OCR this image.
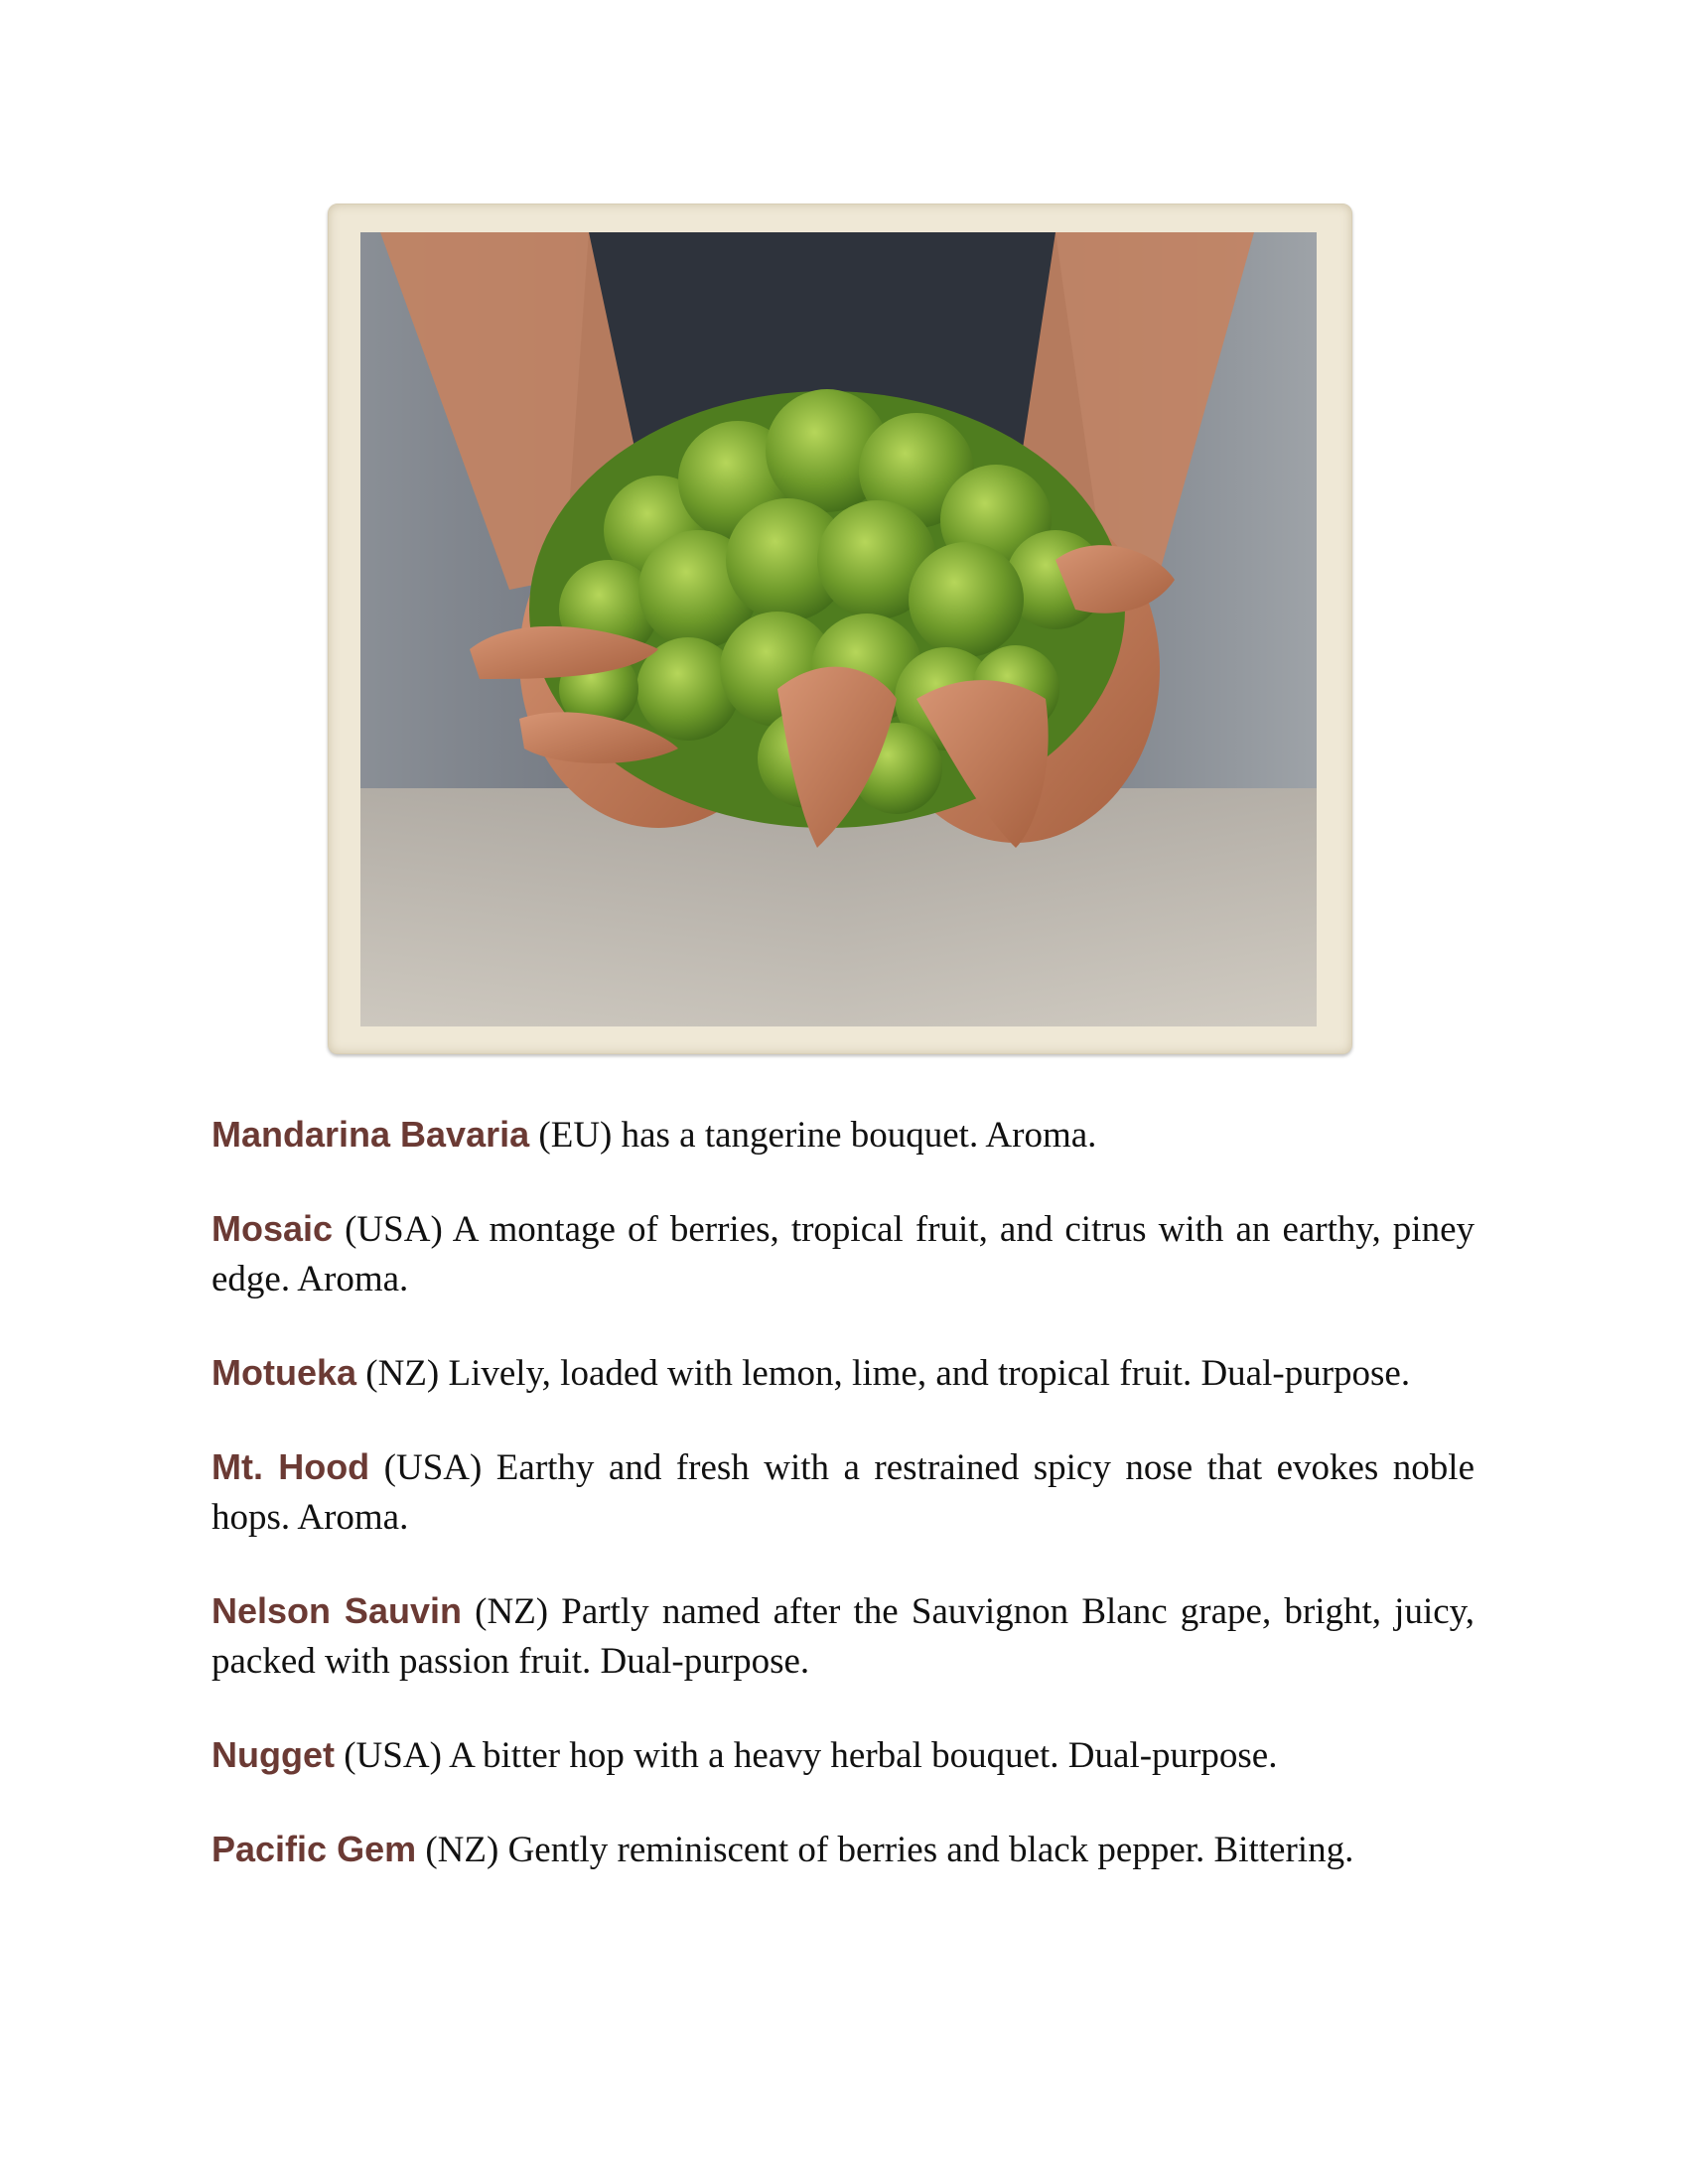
Mandarina Bavaria (EU) has a tangerine bouquet. Aroma.

Mosaic (USA) A montage of berries, tropical fruit, and citrus with an earthy, piney edge. Aroma.

Motueka (NZ) Lively, loaded with lemon, lime, and tropical fruit. Dual-purpose.

Mt. Hood (USA) Earthy and fresh with a restrained spicy nose that evokes noble hops. Aroma.

Nelson Sauvin (NZ) Partly named after the Sauvignon Blanc grape, bright, juicy, packed with passion fruit. Dual-purpose.

Nugget (USA) A bitter hop with a heavy herbal bouquet. Dual-purpose.

Pacific Gem (NZ) Gently reminiscent of berries and black pepper. Bittering.
